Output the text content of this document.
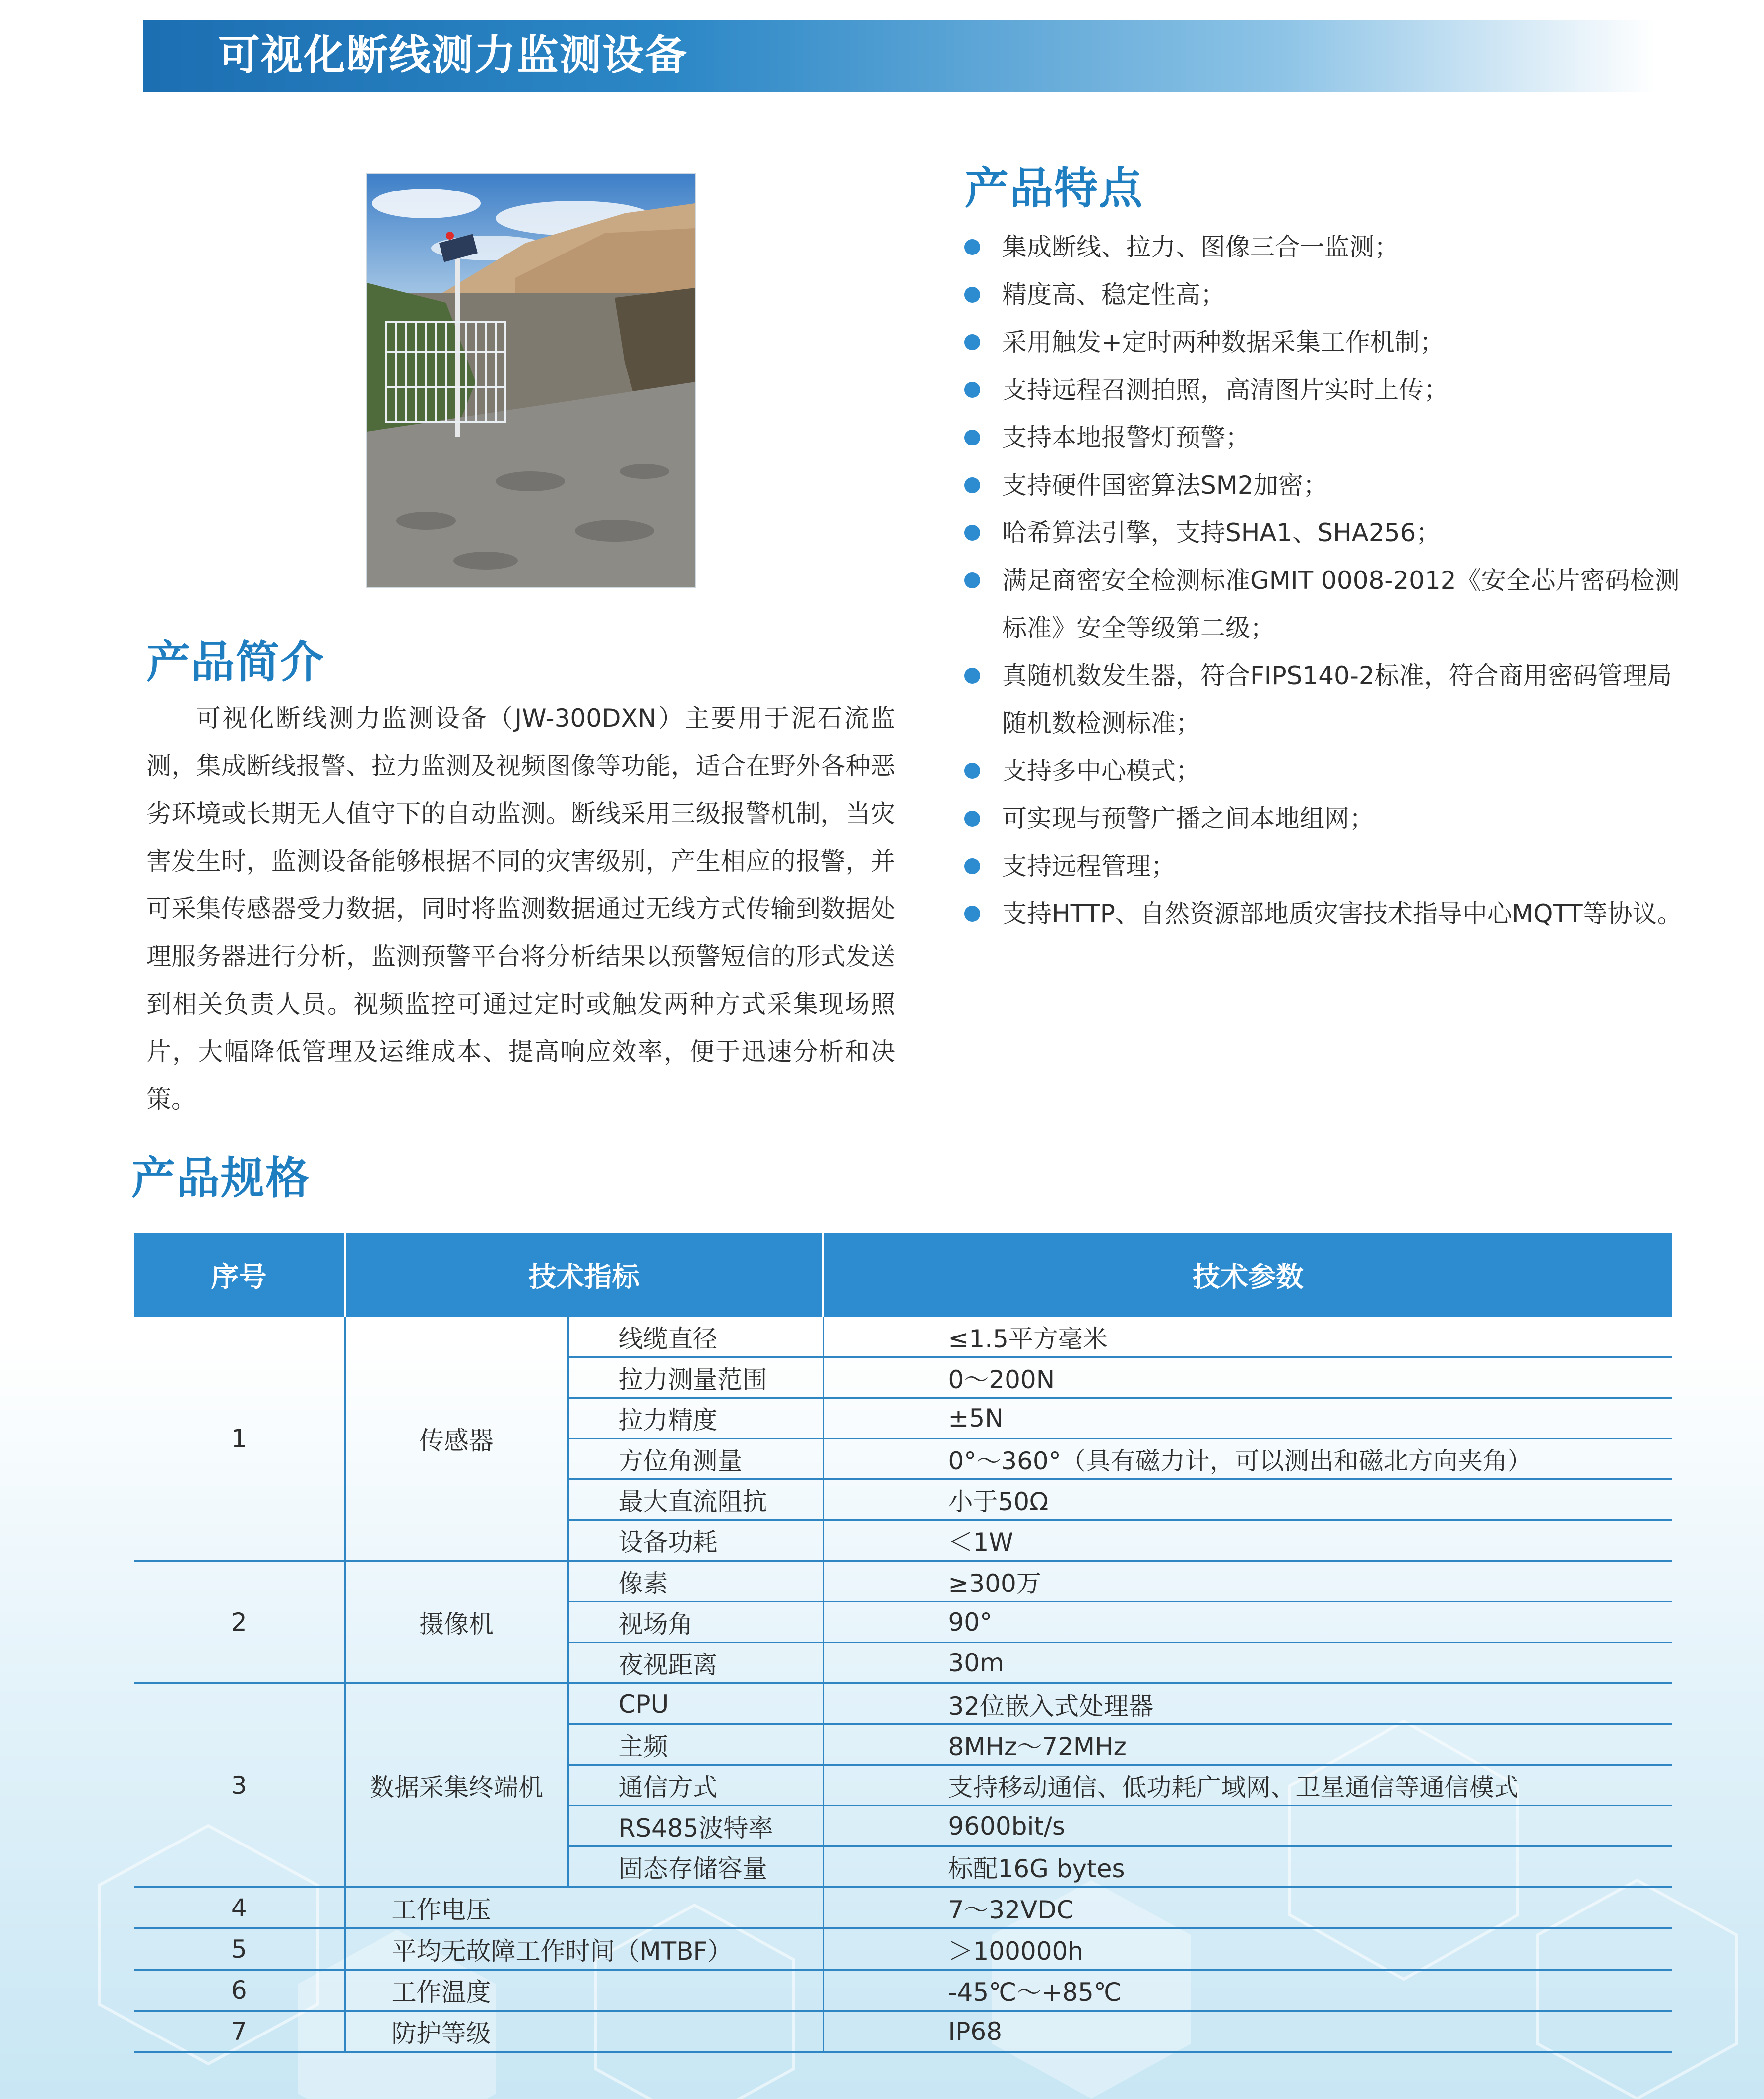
可视化断线测力监测设备
产品简介
可视化断线测力监测设备（JW-300DXN）主要用于泥石流监测，集成断线报警、拉力监测及视频图像等功能，适合在野外各种恶劣环境或长期无人值守下的自动监测。断线采用三级报警机制，当灾害发生时，监测设备能够根据不同的灾害级别，产生相应的报警，并可采集传感器受力数据，同时将监测数据通过无线方式传输到数据处理服务器进行分析，监测预警平台将分析结果以预警短信的形式发送到相关负责人员。视频监控可通过定时或触发两种方式采集现场照片，大幅降低管理及运维成本、提高响应效率，便于迅速分析和决策。
产品特点
集成断线、拉力、图像三合一监测；
精度高、稳定性高；
采用触发+定时两种数据采集工作机制；
支持远程召测拍照，高清图片实时上传；
支持本地报警灯预警；
支持硬件国密算法SM2加密；
哈希算法引擎，支持SHA1、SHA256；
满足商密安全检测标准GMIT 0008-2012《安全芯片密码检测标准》安全等级第二级；
真随机数发生器，符合FIPS140-2标准，符合商用密码管理局随机数检测标准；
支持多中心模式；
可实现与预警广播之间本地组网；
支持远程管理；
支持HTTP、自然资源部地质灾害技术指导中心MQTT等协议。
产品规格
序号	技术指标		技术参数
1	传感器	线缆直径	≤1.5平方毫米
		拉力测量范围	0～200N
		拉力精度	±5N
		方位角测量	0°～360°（具有磁力计，可以测出和磁北方向夹角）
		最大直流阻抗	小于50Ω
		设备功耗	＜1W
2	摄像机	像素	≥300万
		视场角	90°
		夜视距离	30m
3	数据采集终端机	CPU	32位嵌入式处理器
		主频	8MHz～72MHz
		通信方式	支持移动通信、低功耗广域网、卫星通信等通信模式
		RS485波特率	9600bit/s
		固态存储容量	标配16G bytes
4	工作电压		7～32VDC
5	平均无故障工作时间（MTBF）		＞100000h
6	工作温度		-45℃～+85℃
7	防护等级		IP68
